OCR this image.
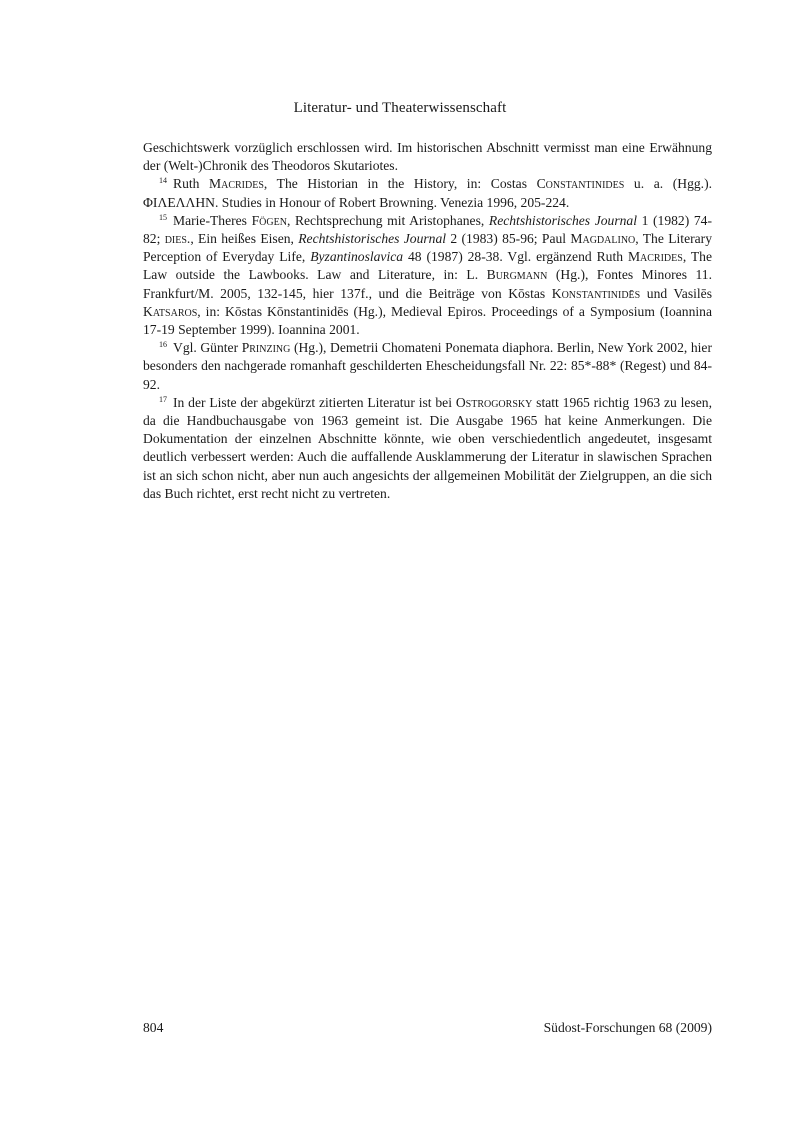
Literatur- und Theaterwissenschaft

Geschichtswerk vorzüglich erschlossen wird. Im historischen Abschnitt vermisst man eine Erwähnung der (Welt-)Chronik des Theodoros Skutariotes.

$^{14}$ Ruth Macrides, The Historian in the History, in: Costas Constantinides u. a. (Hgg.). ΦΙΛΕΛΛΗΝ. Studies in Honour of Robert Browning. Venezia 1996, 205-224.

$^{15}$ Marie-Theres Fögen, Rechtsprechung mit Aristophanes, Rechtshistorisches Journal 1 (1982) 74-82; dies., Ein heißes Eisen, Rechtshistorisches Journal 2 (1983) 85-96; Paul Magdalino, The Literary Perception of Everyday Life, Byzantinoslavica 48 (1987) 28-38. Vgl. ergänzend Ruth Macrides, The Law outside the Lawbooks. Law and Literature, in: L. Burgmann (Hg.), Fontes Minores 11. Frankfurt/M. 2005, 132-145, hier 137f., und die Beiträge von Kōstas Konstantinidēs und Vasilēs Katsaros, in: Kōstas Kōnstantinidēs (Hg.), Medieval Epiros. Proceedings of a Symposium (Ioannina 17-19 September 1999). Ioannina 2001.

$^{16}$ Vgl. Günter Prinzing (Hg.), Demetrii Chomateni Ponemata diaphora. Berlin, New York 2002, hier besonders den nachgerade romanhaft geschilderten Ehescheidungsfall Nr. 22: 85*-88* (Regest) und 84-92.

$^{17}$ In der Liste der abgekürzt zitierten Literatur ist bei Ostrogorsky statt 1965 richtig 1963 zu lesen, da die Handbuchausgabe von 1963 gemeint ist. Die Ausgabe 1965 hat keine Anmerkungen. Die Dokumentation der einzelnen Abschnitte könnte, wie oben verschiedentlich angedeutet, insgesamt deutlich verbessert werden: Auch die auffallende Ausklammerung der Literatur in slawischen Sprachen ist an sich schon nicht, aber nun auch angesichts der allgemeinen Mobilität der Zielgruppen, an die sich das Buch richtet, erst recht nicht zu vertreten.

804	Südost-Forschungen 68 (2009)
